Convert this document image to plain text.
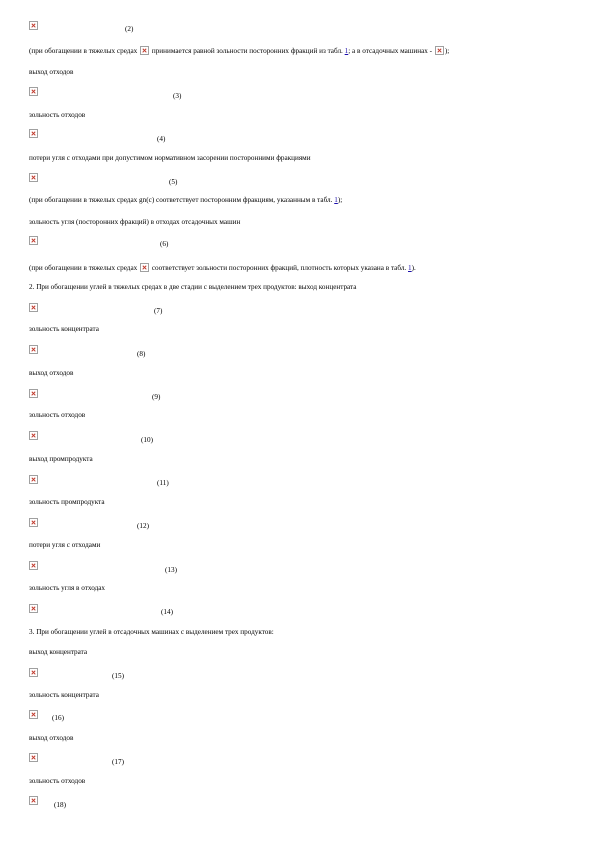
(2)
(при обогащении в тяжелых средах  принимается равной зольности посторонних фракций из табл. 1; а в отсадочных машинах - );
выход отходов
(3)
зольность отходов
(4)
потери угля с отходами при допустимом нормативном засорении посторонними фракциями
(5)
(при обогащении в тяжелых средах gn(c) соответствует посторонним фракциям, указанным в табл. 1);
зольность угля (посторонних фракций) в отходах отсадочных машин
(6)
(при обогащении в тяжелых средах  соответствует зольности посторонних фракций, плотность которых указана в табл. 1).
2. При обогащении углей в тяжелых средах в две стадии с выделением трех продуктов: выход концентрата
(7)
зольность концентрата
(8)
выход отходов
(9)
зольность отходов
(10)
выход промпродукта
(11)
зольность промпродукта
(12)
потери угля с отходами
(13)
зольность угля в отходах
(14)
3. При обогащении углей в отсадочных машинах с выделением трех продуктов:
выход концентрата
(15)
зольность концентрата
(16)
выход отходов
(17)
зольность отходов
(18)
